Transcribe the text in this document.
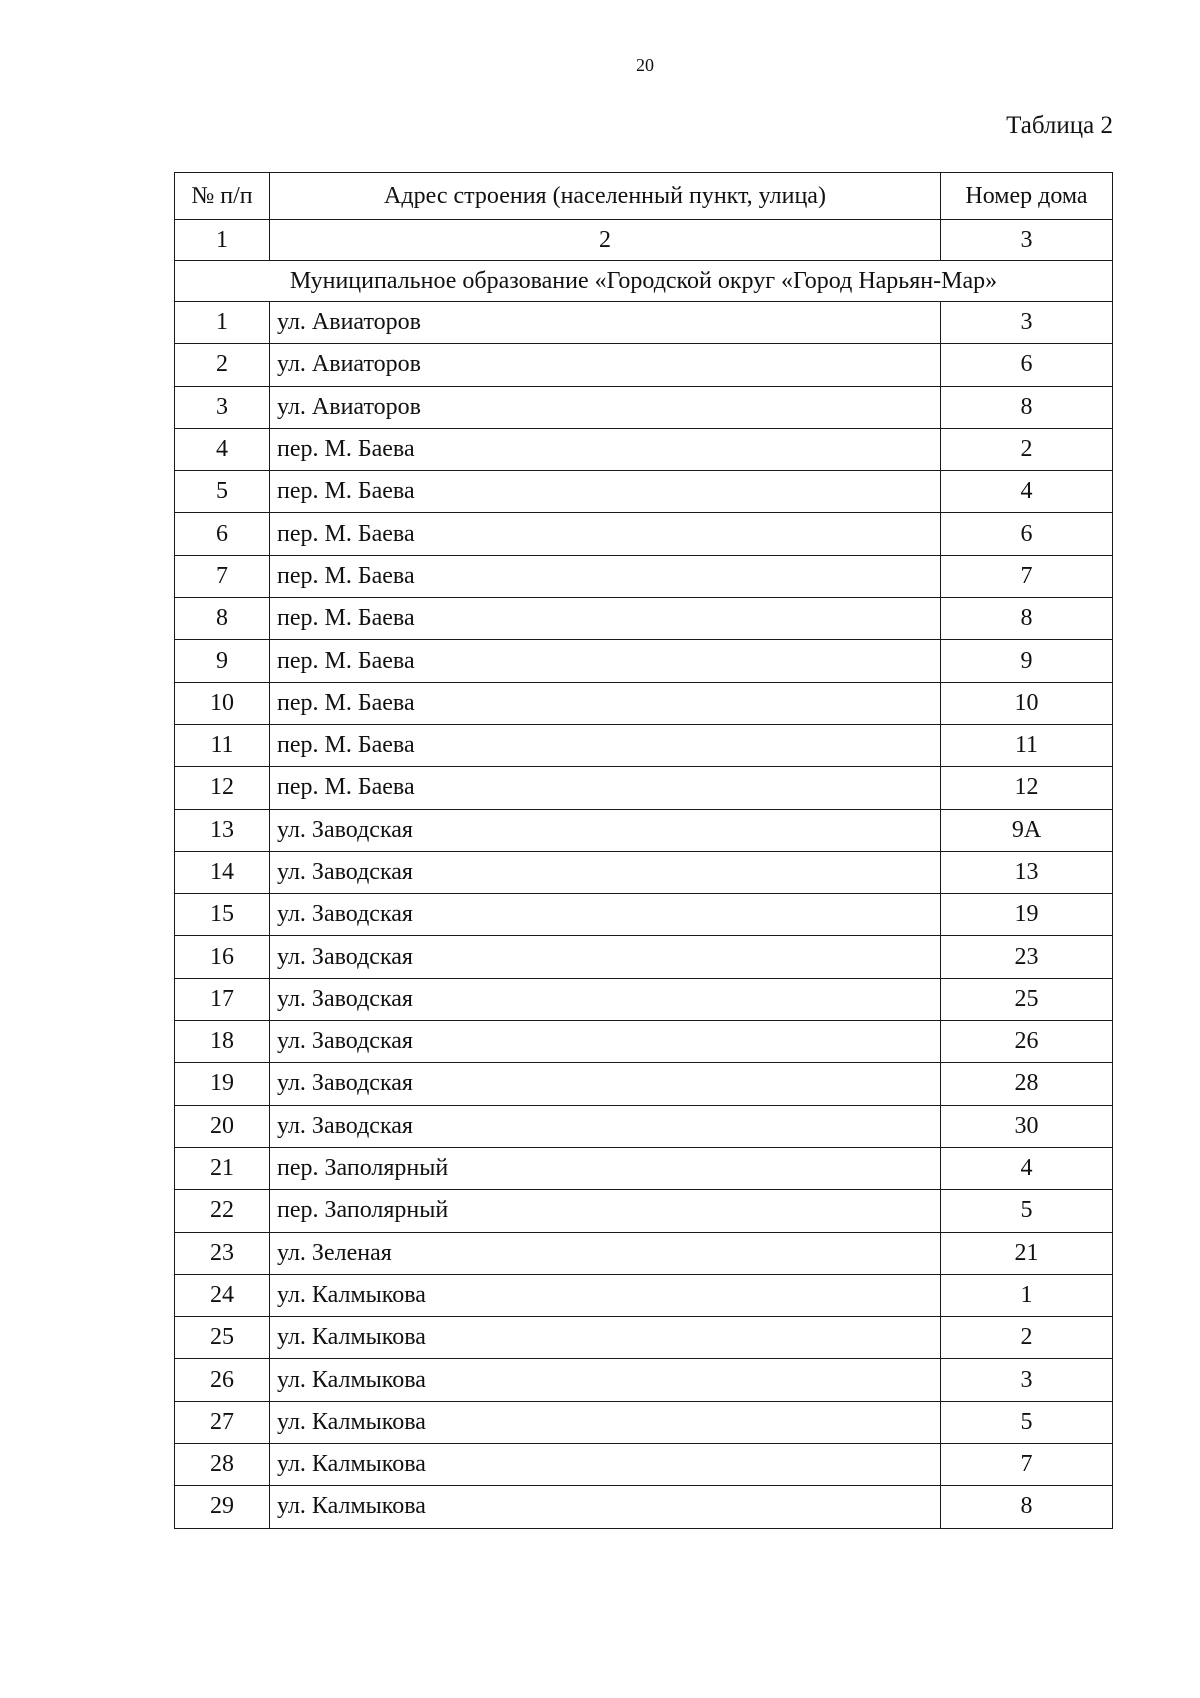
20
Таблица 2
№ п/п	Адрес строения (населенный пункт, улица)	Номер дома
1	2	3
Муниципальное образование «Городской округ «Город Нарьян-Мар»		
1	ул. Авиаторов	3
2	ул. Авиаторов	6
3	ул. Авиаторов	8
4	пер. М. Баева	2
5	пер. М. Баева	4
6	пер. М. Баева	6
7	пер. М. Баева	7
8	пер. М. Баева	8
9	пер. М. Баева	9
10	пер. М. Баева	10
11	пер. М. Баева	11
12	пер. М. Баева	12
13	ул. Заводская	9А
14	ул. Заводская	13
15	ул. Заводская	19
16	ул. Заводская	23
17	ул. Заводская	25
18	ул. Заводская	26
19	ул. Заводская	28
20	ул. Заводская	30
21	пер. Заполярный	4
22	пер. Заполярный	5
23	ул. Зеленая	21
24	ул. Калмыкова	1
25	ул. Калмыкова	2
26	ул. Калмыкова	3
27	ул. Калмыкова	5
28	ул. Калмыкова	7
29	ул. Калмыкова	8
